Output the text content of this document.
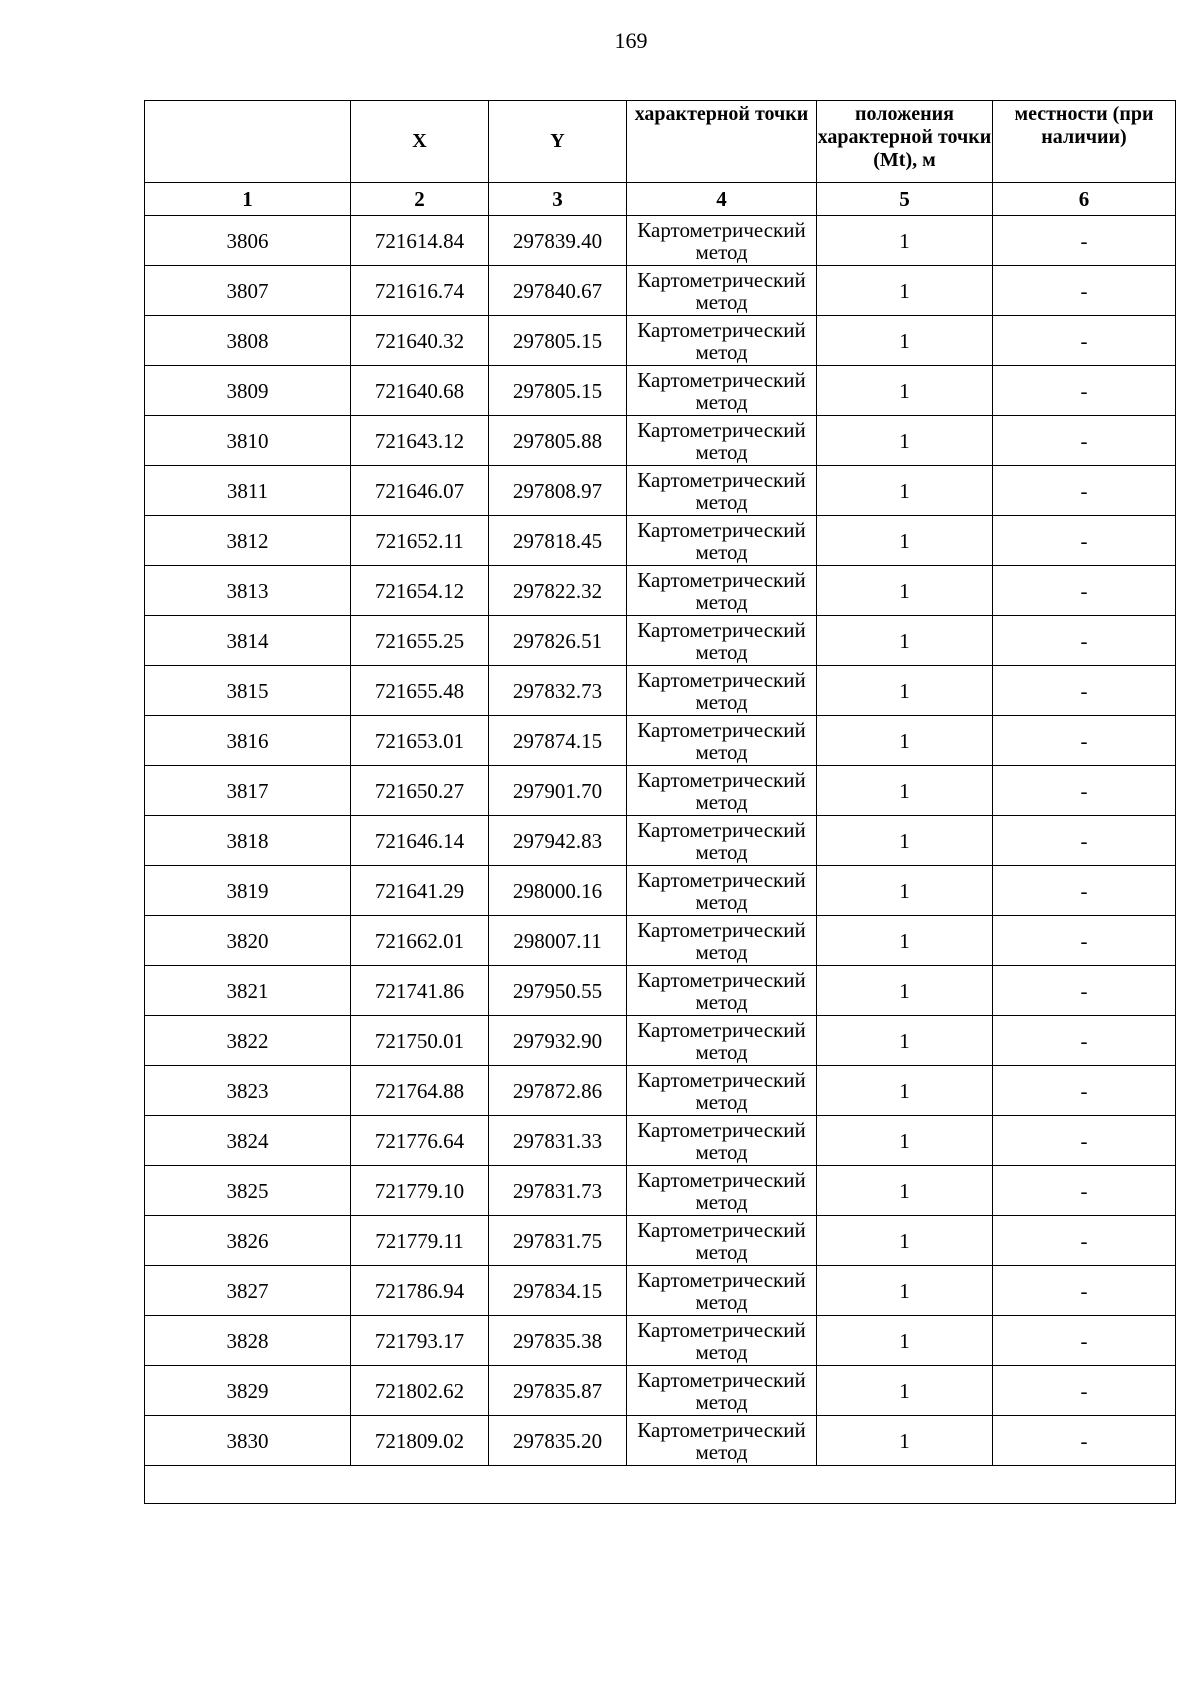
169

	X	Y	характерной точки	положения характерной точки (Mt), м	местности (при наличии)

1	2	3	4	5	6
3806	721614.84	297839.40	Картометрический метод	1	-
3807	721616.74	297840.67	Картометрический метод	1	-
3808	721640.32	297805.15	Картометрический метод	1	-
3809	721640.68	297805.15	Картометрический метод	1	-
3810	721643.12	297805.88	Картометрический метод	1	-
3811	721646.07	297808.97	Картометрический метод	1	-
3812	721652.11	297818.45	Картометрический метод	1	-
3813	721654.12	297822.32	Картометрический метод	1	-
3814	721655.25	297826.51	Картометрический метод	1	-
3815	721655.48	297832.73	Картометрический метод	1	-
3816	721653.01	297874.15	Картометрический метод	1	-
3817	721650.27	297901.70	Картометрический метод	1	-
3818	721646.14	297942.83	Картометрический метод	1	-
3819	721641.29	298000.16	Картометрический метод	1	-
3820	721662.01	298007.11	Картометрический метод	1	-
3821	721741.86	297950.55	Картометрический метод	1	-
3822	721750.01	297932.90	Картометрический метод	1	-
3823	721764.88	297872.86	Картометрический метод	1	-
3824	721776.64	297831.33	Картометрический метод	1	-
3825	721779.10	297831.73	Картометрический метод	1	-
3826	721779.11	297831.75	Картометрический метод	1	-
3827	721786.94	297834.15	Картометрический метод	1	-
3828	721793.17	297835.38	Картометрический метод	1	-
3829	721802.62	297835.87	Картометрический метод	1	-
3830	721809.02	297835.20	Картометрический метод	1	-
